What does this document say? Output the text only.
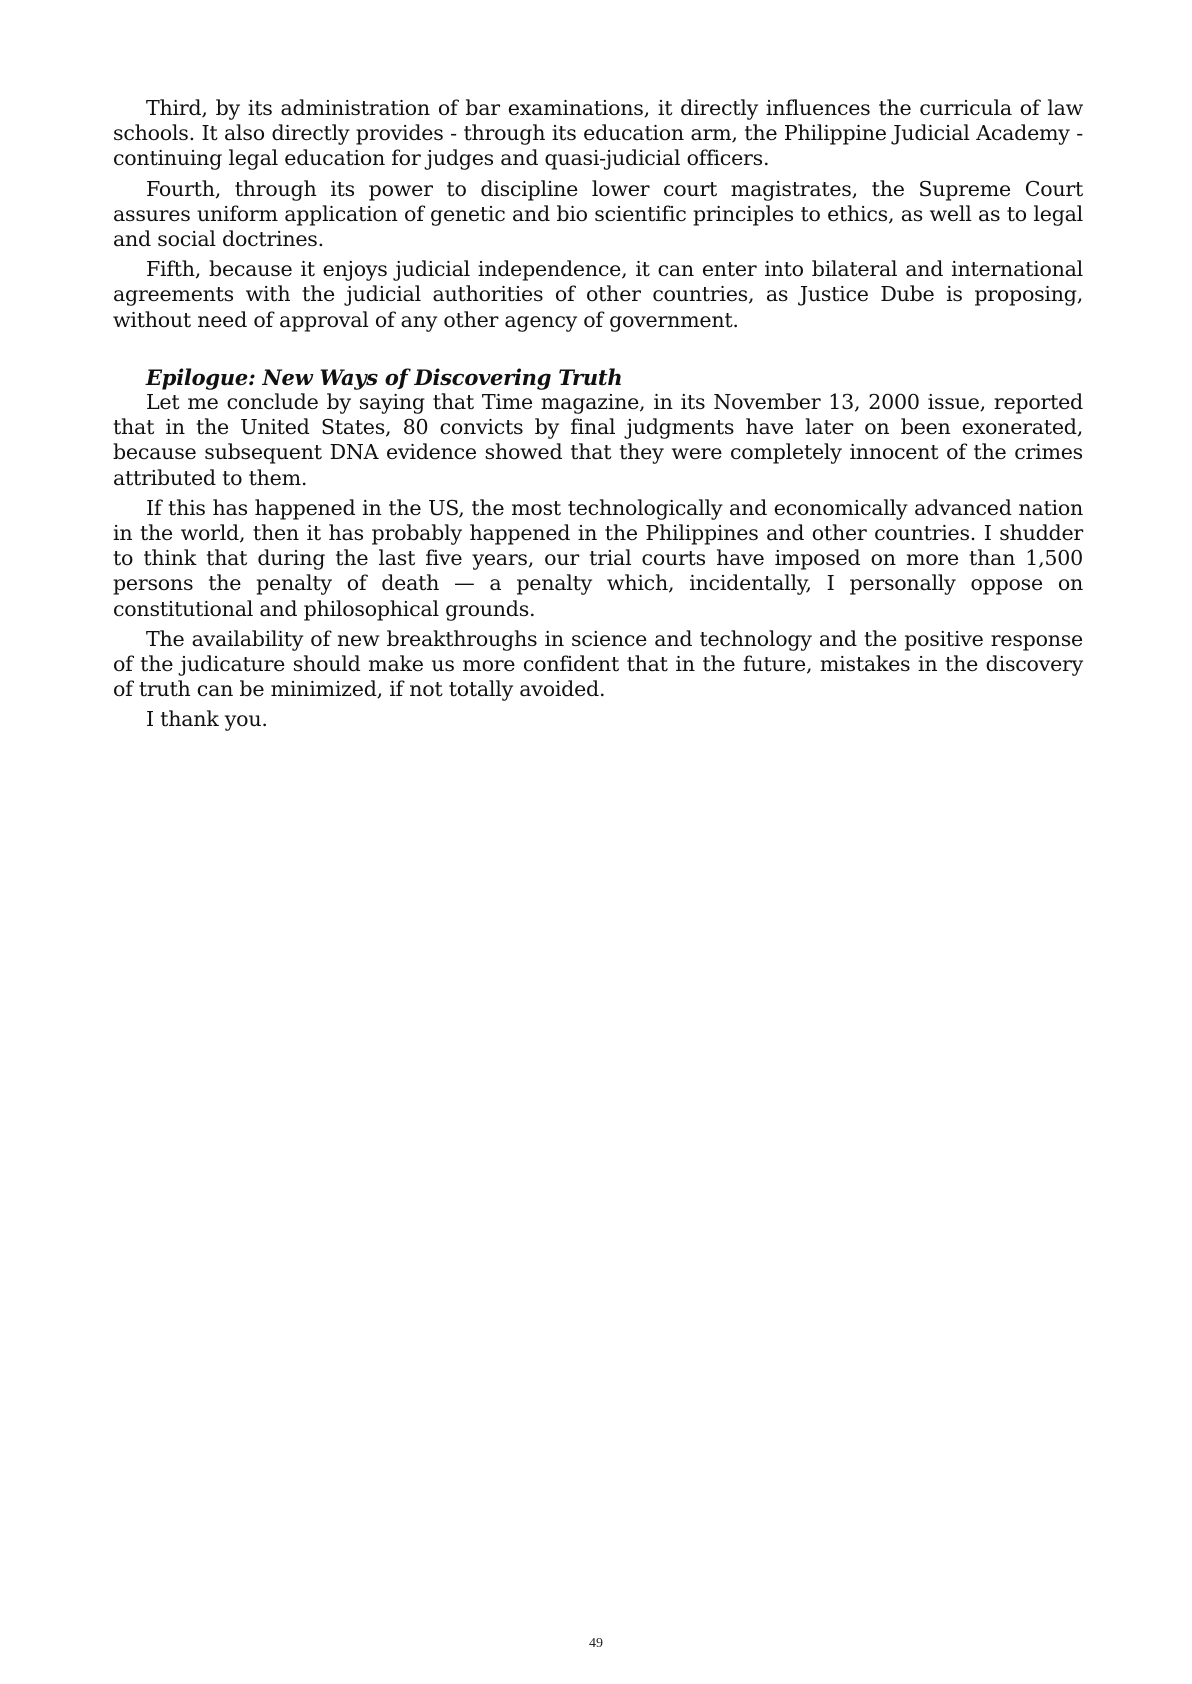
Third, by its administration of bar examinations, it directly influences the curricula of law schools. It also directly provides - through its education arm, the Philippine Judicial Academy - continuing legal education for judges and quasi-judicial officers.

Fourth, through its power to discipline lower court magistrates, the Supreme Court assures uniform application of genetic and bio scientific principles to ethics, as well as to legal and social doctrines.

Fifth, because it enjoys judicial independence, it can enter into bilateral and international agreements with the judicial authorities of other countries, as Justice Dube is proposing, without need of approval of any other agency of government.

Epilogue: New Ways of Discovering Truth

Let me conclude by saying that Time magazine, in its November 13, 2000 issue, reported that in the United States, 80 convicts by final judgments have later on been exonerated, because subsequent DNA evidence showed that they were completely innocent of the crimes attributed to them.

If this has happened in the US, the most technologically and economically advanced nation in the world, then it has probably happened in the Philippines and other countries. I shudder to think that during the last five years, our trial courts have imposed on more than 1,500 persons the penalty of death — a penalty which, incidentally, I personally oppose on constitutional and philosophical grounds.

The availability of new breakthroughs in science and technology and the positive response of the judicature should make us more confident that in the future, mistakes in the discovery of truth can be minimized, if not totally avoided.

I thank you.

49
